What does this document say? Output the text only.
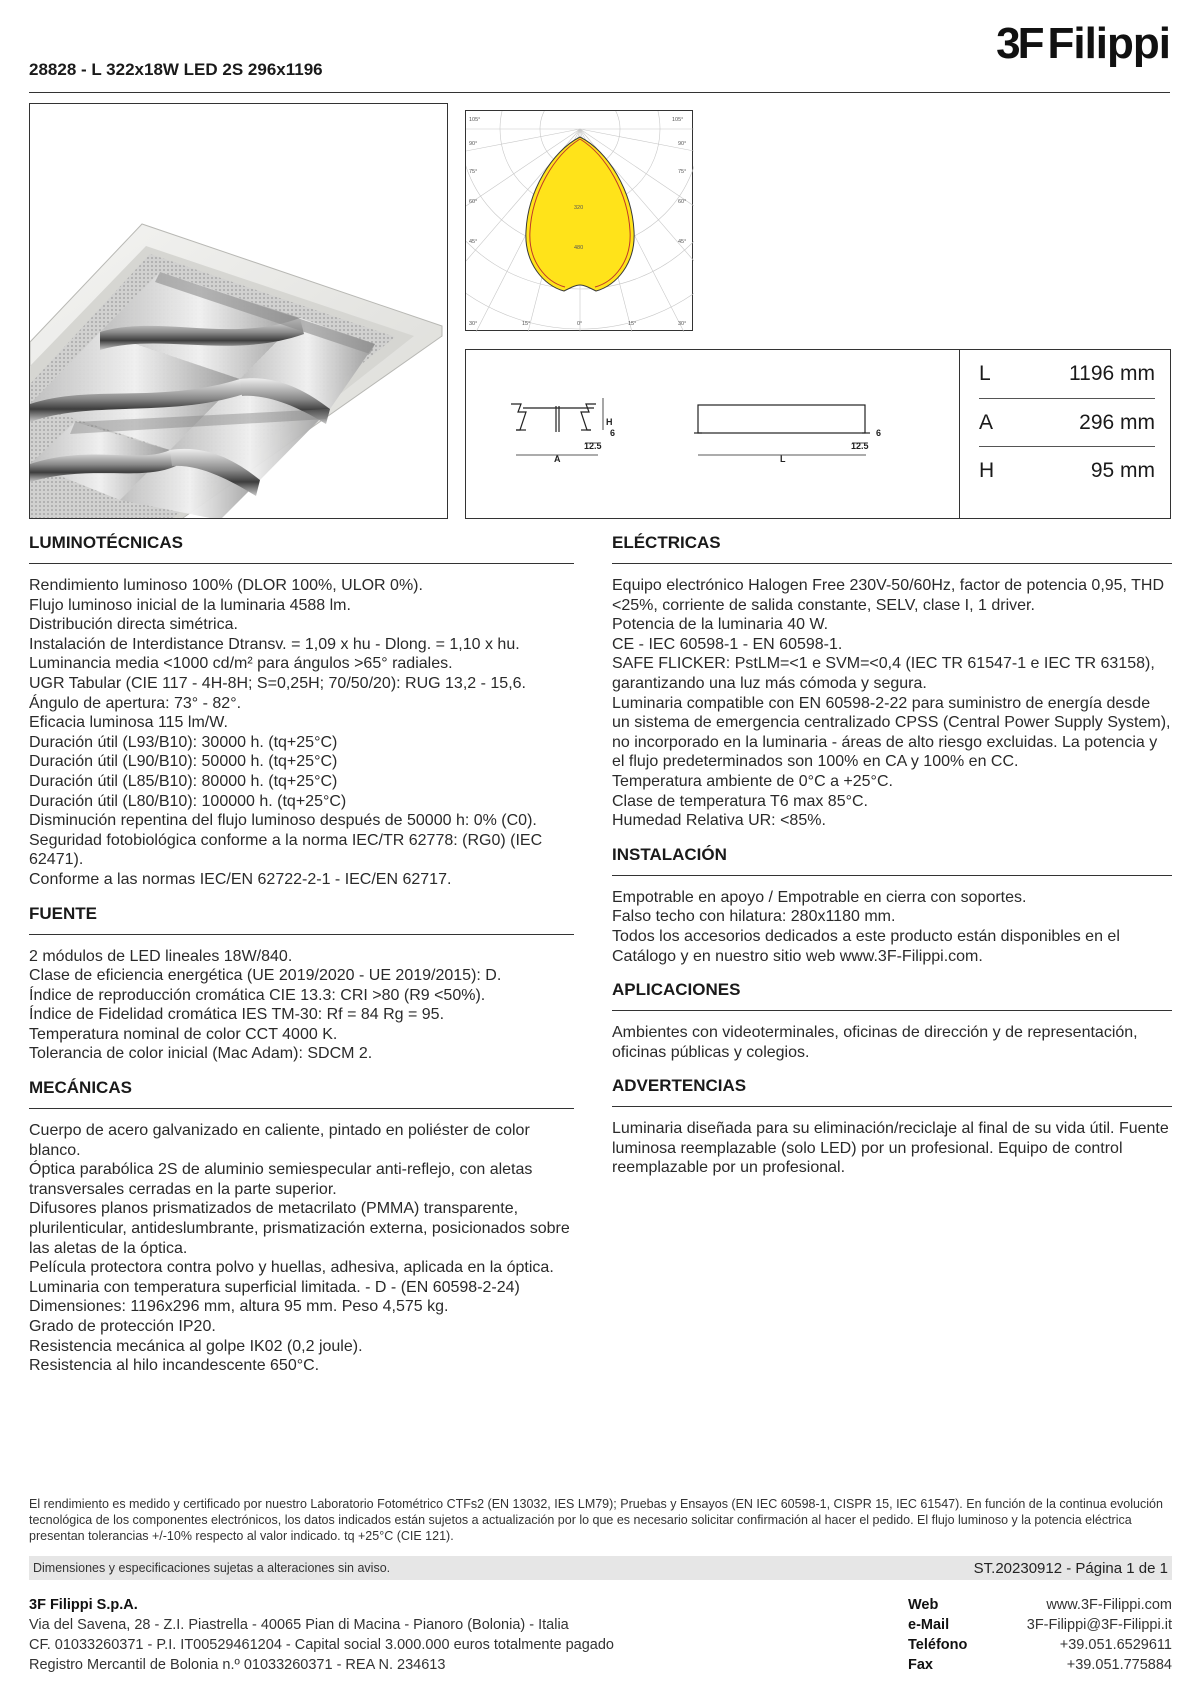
28828 - L 322x18W LED 2S 296x1196
3F Filippi
105°	105°
90°	90°
75°	75°
60°	60°
45°	45°
30°	15°	0°	15°	30°
320
480
H
A	L
12.5	12.5
6	6
L	1196 mm
A	296 mm
H	95 mm
LUMINOTÉCNICAS
Rendimiento luminoso 100% (DLOR 100%, ULOR 0%).
Flujo luminoso inicial de la luminaria 4588 lm.
Distribución directa simétrica.
Instalación de Interdistance Dtransv. = 1,09 x hu - Dlong. = 1,10 x hu.
Luminancia media <1000 cd/m² para ángulos >65° radiales.
UGR Tabular (CIE 117 - 4H-8H; S=0,25H; 70/50/20): RUG 13,2 - 15,6.
Ángulo de apertura: 73° - 82°.
Eficacia luminosa 115 lm/W.
Duración útil (L93/B10): 30000 h. (tq+25°C)
Duración útil (L90/B10): 50000 h. (tq+25°C)
Duración útil (L85/B10): 80000 h. (tq+25°C)
Duración útil (L80/B10): 100000 h. (tq+25°C)
Disminución repentina del flujo luminoso después de 50000 h: 0% (C0).
Seguridad fotobiológica conforme a la norma IEC/TR 62778: (RG0) (IEC 62471).
Conforme a las normas IEC/EN 62722-2-1 - IEC/EN 62717.
FUENTE
2 módulos de LED lineales 18W/840.
Clase de eficiencia energética (UE 2019/2020 - UE 2019/2015): D.
Índice de reproducción cromática CIE 13.3: CRI >80 (R9 <50%).
Índice de Fidelidad cromática IES TM-30: Rf = 84 Rg = 95.
Temperatura nominal de color CCT 4000 K.
Tolerancia de color inicial (Mac Adam): SDCM 2.
MECÁNICAS
Cuerpo de acero galvanizado en caliente, pintado en poliéster de color blanco.
Óptica parabólica 2S de aluminio semiespecular anti-reflejo, con aletas transversales cerradas en la parte superior.
Difusores planos prismatizados de metacrilato (PMMA) transparente, plurilenticular, antideslumbrante, prismatización externa, posicionados sobre las aletas de la óptica.
Película protectora contra polvo y huellas, adhesiva, aplicada en la óptica.
Luminaria con temperatura superficial limitada. - D - (EN 60598-2-24)
Dimensiones: 1196x296 mm, altura 95 mm. Peso 4,575 kg.
Grado de protección IP20.
Resistencia mecánica al golpe IK02 (0,2 joule).
Resistencia al hilo incandescente 650°C.
ELÉCTRICAS
Equipo electrónico Halogen Free 230V-50/60Hz, factor de potencia 0,95, THD <25%, corriente de salida constante, SELV, clase I, 1 driver.
Potencia de la luminaria 40 W.
CE - IEC 60598-1 - EN 60598-1.
SAFE FLICKER: PstLM=<1 e SVM=<0,4 (IEC TR 61547-1 e IEC TR 63158), garantizando una luz más cómoda y segura.
Luminaria compatible con EN 60598-2-22 para suministro de energía desde un sistema de emergencia centralizado CPSS (Central Power Supply System), no incorporado en la luminaria - áreas de alto riesgo excluidas. La potencia y el flujo predeterminados son 100% en CA y 100% en CC.
Temperatura ambiente de 0°C a +25°C.
Clase de temperatura T6 max 85°C.
Humedad Relativa UR: <85%.
INSTALACIÓN
Empotrable en apoyo / Empotrable en cierra con soportes.
Falso techo con hilatura: 280x1180 mm.
Todos los accesorios dedicados a este producto están disponibles en el Catálogo y en nuestro sitio web www.3F-Filippi.com.
APLICACIONES
Ambientes con videoterminales, oficinas de dirección y de representación, oficinas públicas y colegios.
ADVERTENCIAS
Luminaria diseñada para su eliminación/reciclaje al final de su vida útil. Fuente luminosa reemplazable (solo LED) por un profesional. Equipo de control reemplazable por un profesional.
El rendimiento es medido y certificado por nuestro Laboratorio Fotométrico CTFs2 (EN 13032, IES LM79); Pruebas y Ensayos (EN IEC 60598-1, CISPR 15, IEC 61547). En función de la continua evolución tecnológica de los componentes electrónicos, los datos indicados están sujetos a actualización por lo que es necesario solicitar confirmación al hacer el pedido. El flujo luminoso y la potencia eléctrica presentan tolerancias +/-10% respecto al valor indicado. tq +25°C (CIE 121).
Dimensiones y especificaciones sujetas a alteraciones sin aviso.	ST.20230912 - Página 1 de 1
3F Filippi S.p.A.
Via del Savena, 28 - Z.I. Piastrella - 40065 Pian di Macina - Pianoro (Bolonia) - Italia
CF. 01033260371 - P.I. IT00529461204 - Capital social 3.000.000 euros totalmente pagado
Registro Mercantil de Bolonia n.º 01033260371 - REA N. 234613
Web	www.3F-Filippi.com
e-Mail	3F-Filippi@3F-Filippi.it
Teléfono	+39.051.6529611
Fax	+39.051.775884
